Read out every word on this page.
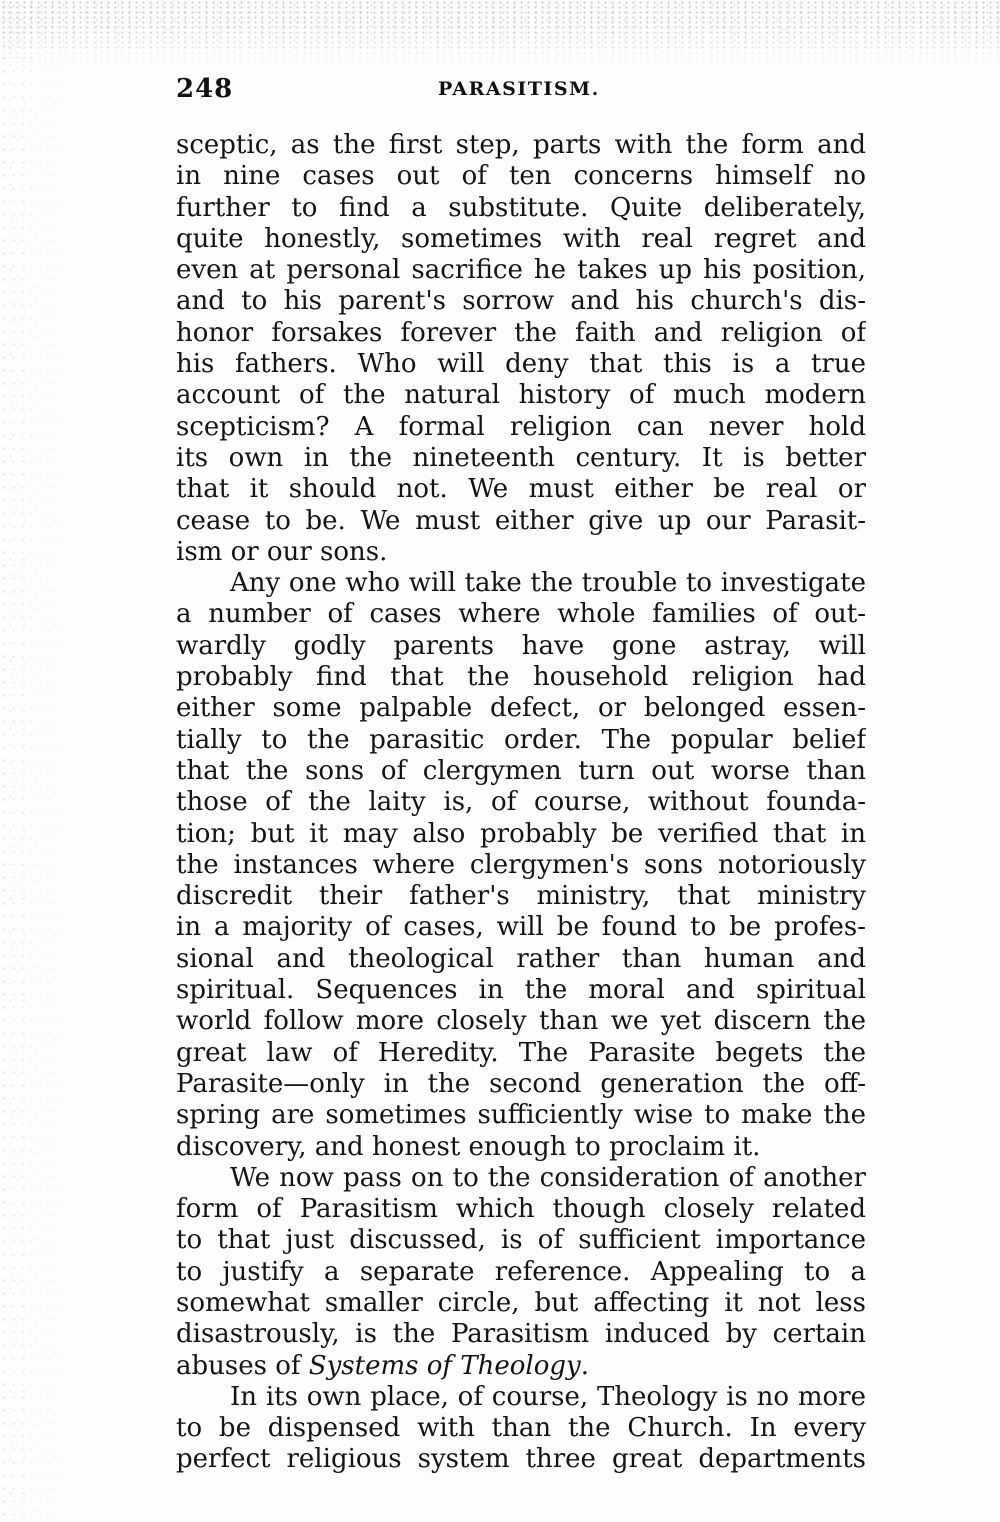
248	PARASITISM.

sceptic, as the first step, parts with the form and
in nine cases out of ten concerns himself no
further to find a substitute. Quite deliberately,
quite honestly, sometimes with real regret and
even at personal sacrifice he takes up his position,
and to his parent's sorrow and his church's dis-
honor forsakes forever the faith and religion of
his fathers. Who will deny that this is a true
account of the natural history of much modern
scepticism? A formal religion can never hold
its own in the nineteenth century. It is better
that it should not. We must either be real or
cease to be. We must either give up our Parasit-
ism or our sons.

Any one who will take the trouble to investigate
a number of cases where whole families of out-
wardly godly parents have gone astray, will
probably find that the household religion had
either some palpable defect, or belonged essen-
tially to the parasitic order. The popular belief
that the sons of clergymen turn out worse than
those of the laity is, of course, without founda-
tion; but it may also probably be verified that in
the instances where clergymen's sons notoriously
discredit their father's ministry, that ministry
in a majority of cases, will be found to be profes-
sional and theological rather than human and
spiritual. Sequences in the moral and spiritual
world follow more closely than we yet discern the
great law of Heredity. The Parasite begets the
Parasite—only in the second generation the off-
spring are sometimes sufficiently wise to make the
discovery, and honest enough to proclaim it.

We now pass on to the consideration of another
form of Parasitism which though closely related
to that just discussed, is of sufficient importance
to justify a separate reference. Appealing to a
somewhat smaller circle, but affecting it not less
disastrously, is the Parasitism induced by certain
abuses of Systems of Theology.

In its own place, of course, Theology is no more
to be dispensed with than the Church. In every
perfect religious system three great departments
